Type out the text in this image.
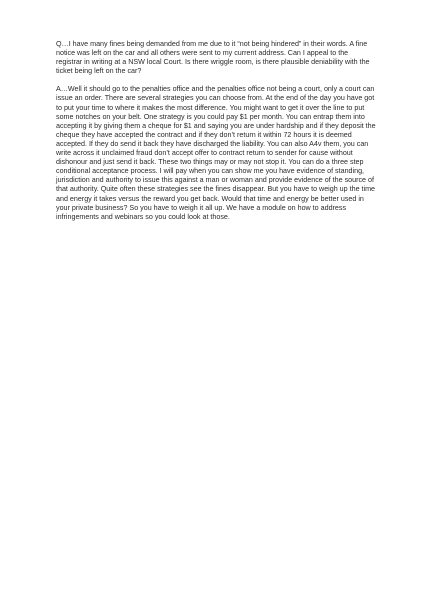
Q…I have many fines being demanded from me due to it “not being hindered” in their words. A fine notice was left on the car and all others were sent to my current address. Can I appeal to the registrar in writing at a NSW local Court. Is there wriggle room, is there plausible deniability with the ticket being left on the car?

A…Well it should go to the penalties office and the penalties office not being a court, only a court can issue an order. There are several strategies you can choose from. At the end of the day you have got to put your time to where it makes the most difference. You might want to get it over the line to put some notches on your belt. One strategy is you could pay $1 per month. You can entrap them into accepting it by giving them a cheque for $1 and saying you are under hardship and if they deposit the cheque they have accepted the contract and if they don’t return it within 72 hours it is deemed accepted. If they do send it back they have discharged the liability. You can also A4v them, you can write across it unclaimed fraud don’t accept offer to contract return to sender for cause without dishonour and just send it back. These two things may or may not stop it. You can do a three step conditional acceptance process. I will pay when you can show me you have evidence of standing, jurisdiction and authority to issue this against a man or woman and provide evidence of the source of that authority. Quite often these strategies see the fines disappear. But you have to weigh up the time and energy it takes versus the reward you get back. Would that time and energy be better used in your private business? So you have to weigh it all up. We have a module on how to address infringements and webinars so you could look at those.
